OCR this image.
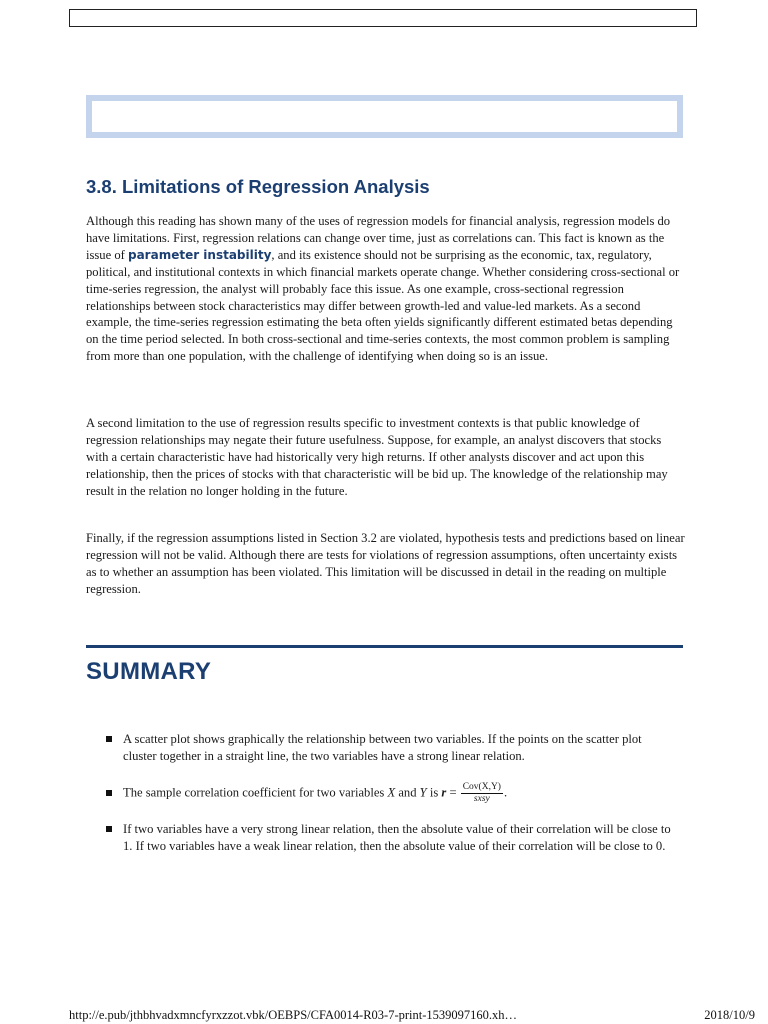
3.8. Limitations of Regression Analysis

Although this reading has shown many of the uses of regression models for financial analysis, regression models do have limitations. First, regression relations can change over time, just as correlations can. This fact is known as the issue of parameter instability, and its existence should not be surprising as the economic, tax, regulatory, political, and institutional contexts in which financial markets operate change. Whether considering cross-sectional or time-series regression, the analyst will probably face this issue. As one example, cross-sectional regression relationships between stock characteristics may differ between growth-led and value-led markets. As a second example, the time-series regression estimating the beta often yields significantly different estimated betas depending on the time period selected. In both cross-sectional and time-series contexts, the most common problem is sampling from more than one population, with the challenge of identifying when doing so is an issue.

A second limitation to the use of regression results specific to investment contexts is that public knowledge of regression relationships may negate their future usefulness. Suppose, for example, an analyst discovers that stocks with a certain characteristic have had historically very high returns. If other analysts discover and act upon this relationship, then the prices of stocks with that characteristic will be bid up. The knowledge of the relationship may result in the relation no longer holding in the future.

Finally, if the regression assumptions listed in Section 3.2 are violated, hypothesis tests and predictions based on linear regression will not be valid. Although there are tests for violations of regression assumptions, often uncertainty exists as to whether an assumption has been violated. This limitation will be discussed in detail in the reading on multiple regression.

SUMMARY
A scatter plot shows graphically the relationship between two variables. If the points on the scatter plot cluster together in a straight line, the two variables have a strong linear relation.
The sample correlation coefficient for two variables X and Y is $r = \frac{\text{Cov(X,Y)}}{\text{sxsy}}$ .
If two variables have a very strong linear relation, then the absolute value of their correlation will be close to 1. If two variables have a weak linear relation, then the absolute value of their correlation will be close to 0.
http://e.pub/jthbhvadxmncfyrxzzot.vbk/OEBPS/CFA0014-R03-7-print-1539097160.xh…	2018/10/9
